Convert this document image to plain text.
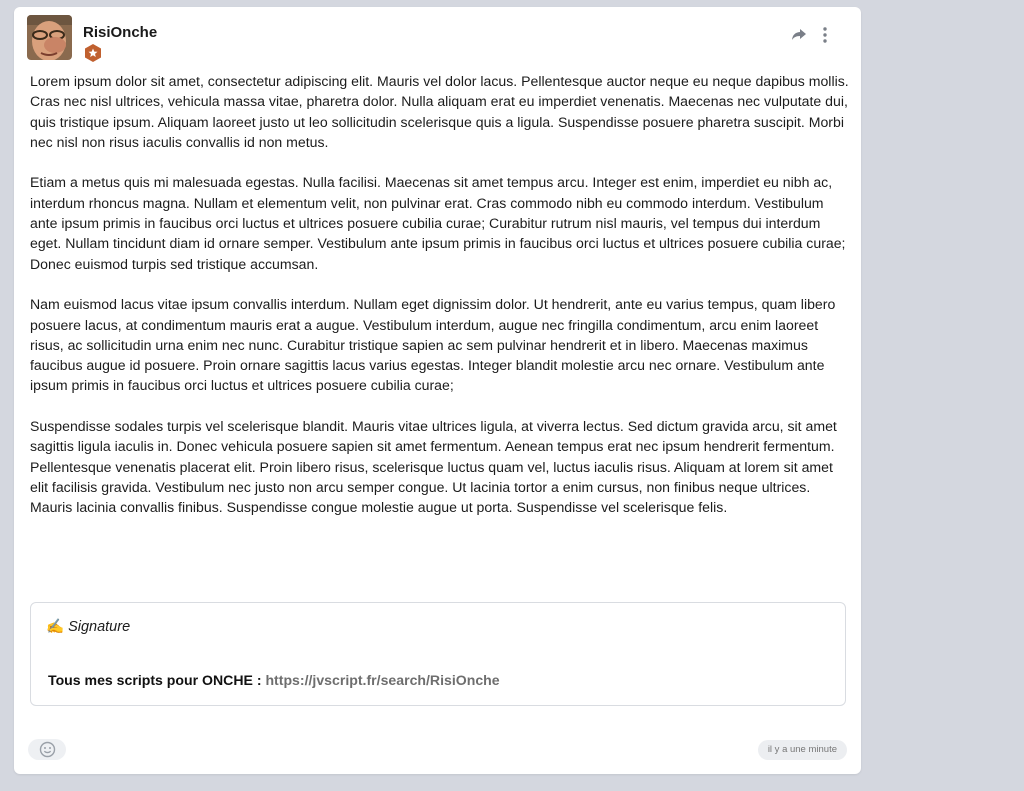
RisiOnche

Lorem ipsum dolor sit amet, consectetur adipiscing elit. Mauris vel dolor lacus. Pellentesque auctor neque eu neque dapibus mollis. Cras nec nisl ultrices, vehicula massa vitae, pharetra dolor. Nulla aliquam erat eu imperdiet venenatis. Maecenas nec vulputate dui, quis tristique ipsum. Aliquam laoreet justo ut leo sollicitudin scelerisque quis a ligula. Suspendisse posuere pharetra suscipit. Morbi nec nisl non risus iaculis convallis id non metus.

Etiam a metus quis mi malesuada egestas. Nulla facilisi. Maecenas sit amet tempus arcu. Integer est enim, imperdiet eu nibh ac, interdum rhoncus magna. Nullam et elementum velit, non pulvinar erat. Cras commodo nibh eu commodo interdum. Vestibulum ante ipsum primis in faucibus orci luctus et ultrices posuere cubilia curae; Curabitur rutrum nisl mauris, vel tempus dui interdum eget. Nullam tincidunt diam id ornare semper. Vestibulum ante ipsum primis in faucibus orci luctus et ultrices posuere cubilia curae; Donec euismod turpis sed tristique accumsan.

Nam euismod lacus vitae ipsum convallis interdum. Nullam eget dignissim dolor. Ut hendrerit, ante eu varius tempus, quam libero posuere lacus, at condimentum mauris erat a augue. Vestibulum interdum, augue nec fringilla condimentum, arcu enim laoreet risus, ac sollicitudin urna enim nec nunc. Curabitur tristique sapien ac sem pulvinar hendrerit et in libero. Maecenas maximus faucibus augue id posuere. Proin ornare sagittis lacus varius egestas. Integer blandit molestie arcu nec ornare. Vestibulum ante ipsum primis in faucibus orci luctus et ultrices posuere cubilia curae;

Suspendisse sodales turpis vel scelerisque blandit. Mauris vitae ultrices ligula, at viverra lectus. Sed dictum gravida arcu, sit amet sagittis ligula iaculis in. Donec vehicula posuere sapien sit amet fermentum. Aenean tempus erat nec ipsum hendrerit fermentum. Pellentesque venenatis placerat elit. Proin libero risus, scelerisque luctus quam vel, luctus iaculis risus. Aliquam at lorem sit amet elit facilisis gravida. Vestibulum nec justo non arcu semper congue. Ut lacinia tortor a enim cursus, non finibus neque ultrices. Mauris lacinia convallis finibus. Suspendisse congue molestie augue ut porta. Suspendisse vel scelerisque felis.

✍️ Signature
Tous mes scripts pour ONCHE : https://jvscript.fr/search/RisiOnche
il y a une minute
